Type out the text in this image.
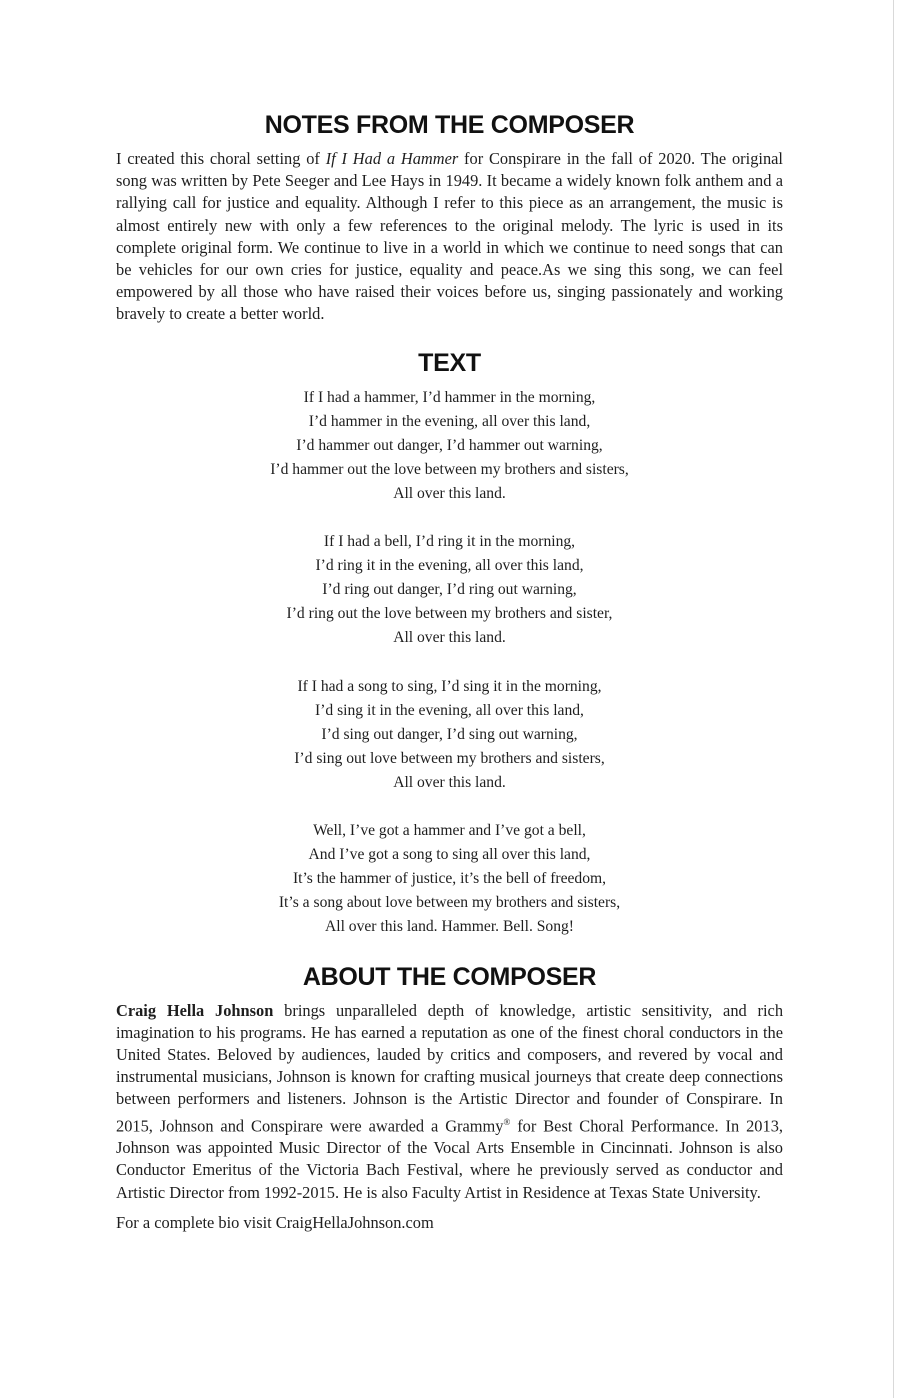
NOTES FROM THE COMPOSER

I created this choral setting of If I Had a Hammer for Conspirare in the fall of 2020. The original song was written by Pete Seeger and Lee Hays in 1949. It became a widely known folk anthem and a rallying call for justice and equality. Although I refer to this piece as an arrangement, the music is almost entirely new with only a few references to the original melody. The lyric is used in its complete original form. We continue to live in a world in which we continue to need songs that can be vehicles for our own cries for justice, equality and peace.As we sing this song, we can feel empowered by all those who have raised their voices before us, singing passionately and working bravely to create a better world.

TEXT
If I had a hammer, I’d hammer in the morning,
I’d hammer in the evening, all over this land,
I’d hammer out danger, I’d hammer out warning,
I’d hammer out the love between my brothers and sisters,
All over this land.
If I had a bell, I’d ring it in the morning,
I’d ring it in the evening, all over this land,
I’d ring out danger, I’d ring out warning,
I’d ring out the love between my brothers and sister,
All over this land.
If I had a song to sing, I’d sing it in the morning,
I’d sing it in the evening, all over this land,
I’d sing out danger, I’d sing out warning,
I’d sing out love between my brothers and sisters,
All over this land.
Well, I’ve got a hammer and I’ve got a bell,
And I’ve got a song to sing all over this land,
It’s the hammer of justice, it’s the bell of freedom,
It’s a song about love between my brothers and sisters,
All over this land. Hammer. Bell. Song!
ABOUT THE COMPOSER

Craig Hella Johnson brings unparalleled depth of knowledge, artistic sensitivity, and rich imagination to his programs. He has earned a reputation as one of the finest choral conductors in the United States. Beloved by audiences, lauded by critics and composers, and revered by vocal and instrumental musicians, Johnson is known for crafting musical journeys that create deep connections between performers and listeners. Johnson is the Artistic Director and founder of Conspirare. In 2015, Johnson and Conspirare were awarded a Grammy® for Best Choral Performance. In 2013, Johnson was appointed Music Director of the Vocal Arts Ensemble in Cincinnati. Johnson is also Conductor Emeritus of the Victoria Bach Festival, where he previously served as conductor and Artistic Director from 1992-2015. He is also Faculty Artist in Residence at Texas State University.

For a complete bio visit CraigHellaJohnson.com
